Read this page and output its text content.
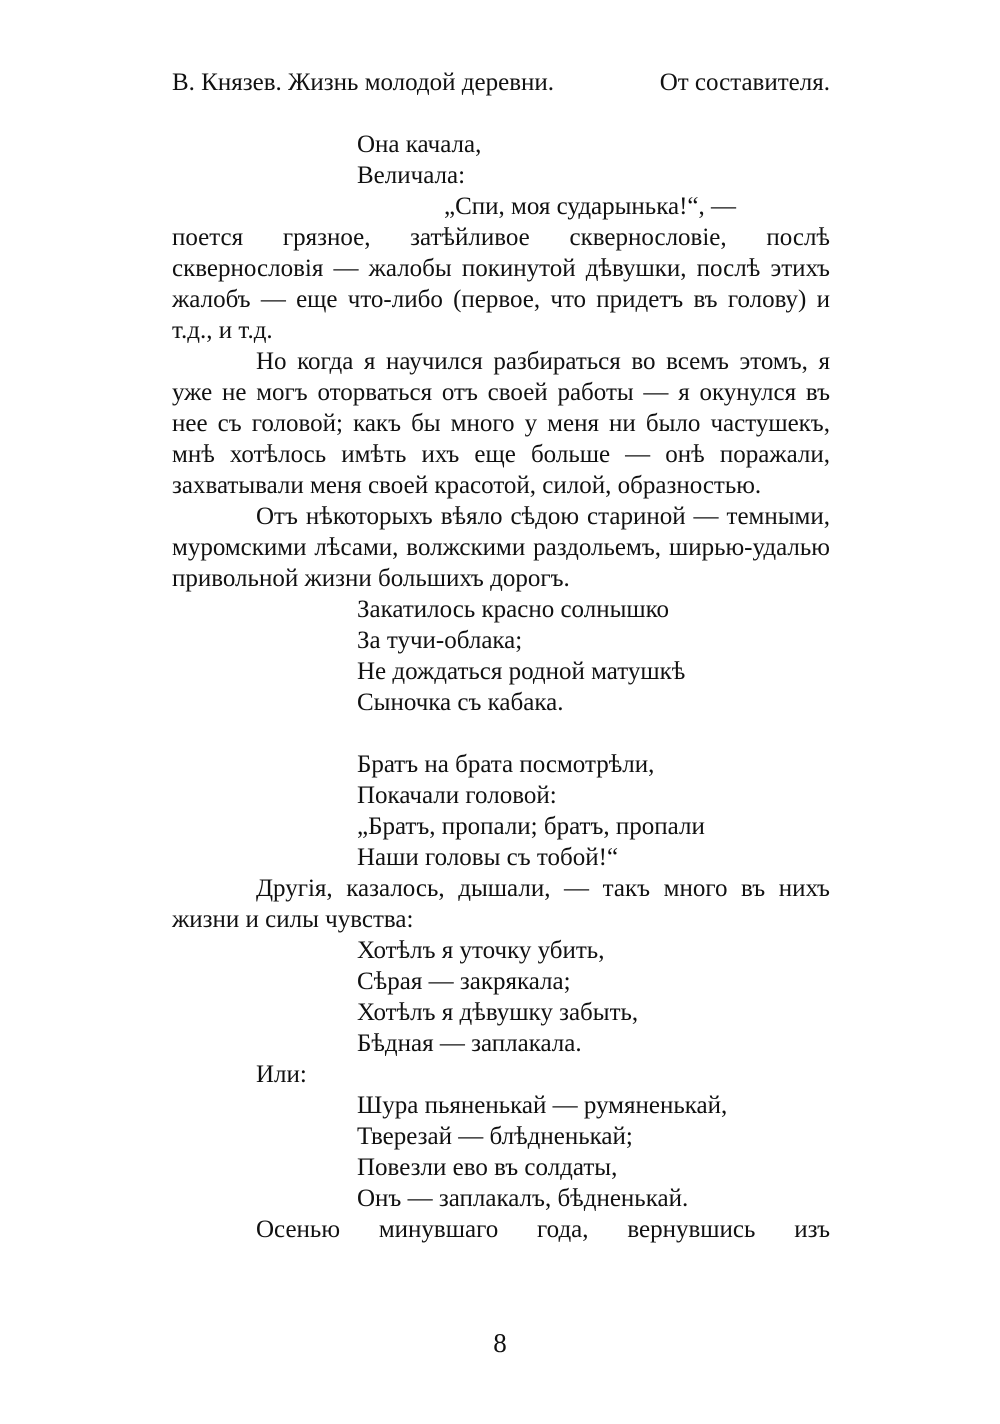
В. Князев. Жизнь молодой деревни.	От составителя.
Она качала,
Величала:
„Спи, моя сударынька!“, —

поется грязное, затѣйливое сквернословіе, послѣ сквернословія — жалобы покинутой дѣвушки, послѣ этихъ жалобъ — еще что-либо (первое, что придетъ въ голову) и т.д., и т.д.

Но когда я научился разбираться во всемъ этомъ, я уже не могъ оторваться отъ своей работы — я окунулся въ нее съ головой; какъ бы много у меня ни было частушекъ, мнѣ хотѣлось имѣть ихъ еще больше — онѣ поражали, захватывали меня своей красотой, силой, образностью.

Отъ нѣкоторыхъ вѣяло сѣдою стариной — темными, муромскими лѣсами, волжскими раздольемъ, ширью-удалью привольной жизни большихъ дорогъ.

Закатилось красно солнышко
За тучи-облака;
Не дождаться родной матушкѣ
Сыночка съ кабака.
Братъ на брата посмотрѣли,
Покачали головой:
„Братъ, пропали; братъ, пропали
Наши головы съ тобой!“

Другія, казалось, дышали, — такъ много въ нихъ жизни и силы чувства:

Хотѣлъ я уточку убить,
Сѣрая — закрякала;
Хотѣлъ я дѣвушку забыть,
Бѣдная — заплакала.
Или:
Шура пьяненькай — румяненькай,
Тверезай — блѣдненькай;
Повезли ево въ солдаты,
Онъ — заплакалъ, бѣдненькай.

Осенью минувшаго года, вернувшись изъ

8
